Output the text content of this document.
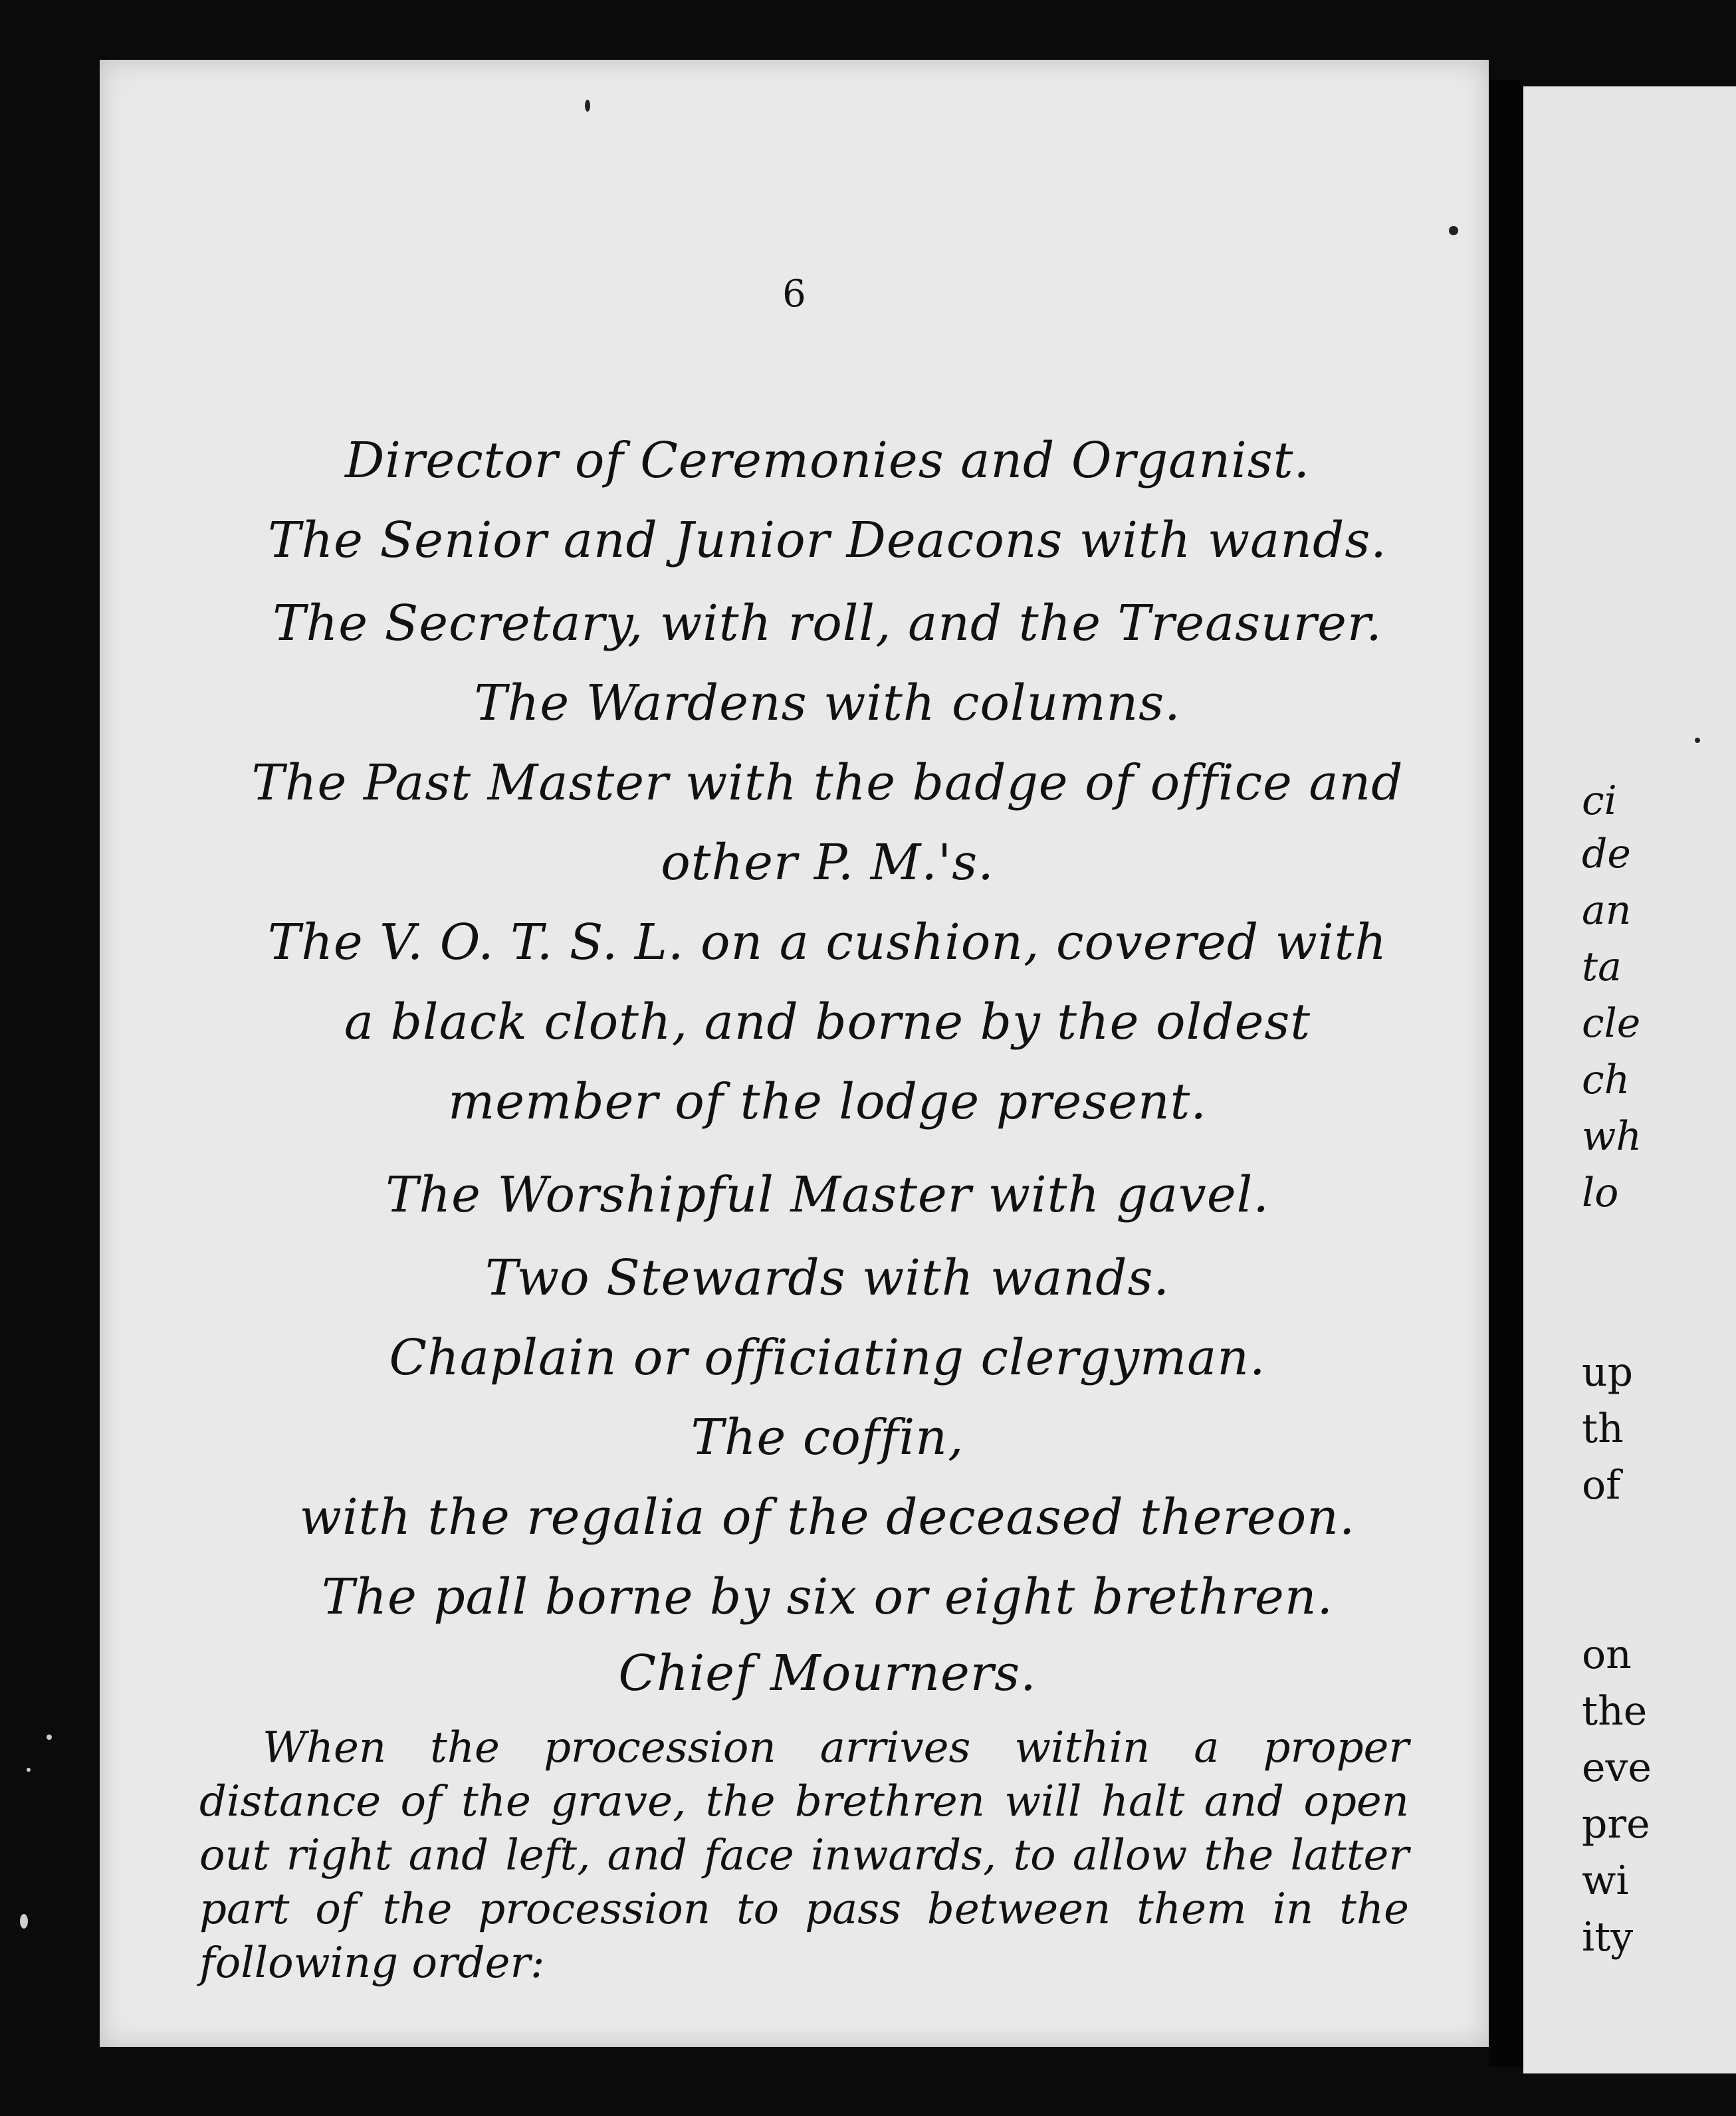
6
Director of Ceremonies and Organist.
The Senior and Junior Deacons with wands.
The Secretary, with roll, and the Treasurer.
The Wardens with columns.
The Past Master with the badge of office and
other P. M.'s.
The V. O. T. S. L. on a cushion, covered with
a black cloth, and borne by the oldest
member of the lodge present.
The Worshipful Master with gavel.
Two Stewards with wands.
Chaplain or officiating clergyman.
The coffin,
with the regalia of the deceased thereon.
The pall borne by six or eight brethren.
Chief Mourners.
When the procession arrives within a proper distance of the grave, the brethren will halt and open out right and left, and face inwards, to allow the latter part of the procession to pass between them in the following order:
ci
de
an
ta
cle
ch
wh
lo
up
th
of
on
the
eve
pre
wi
ity
